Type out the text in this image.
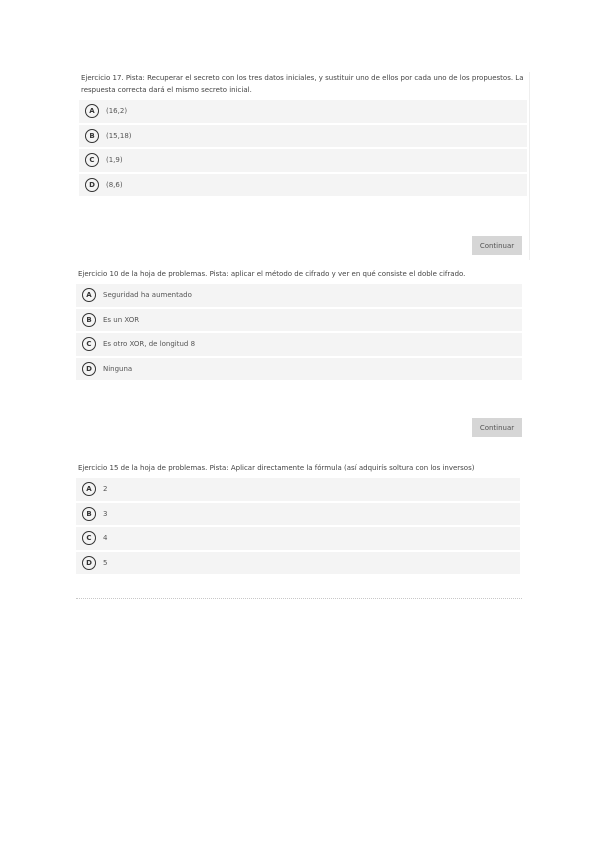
Ejercicio 17. Pista: Recuperar el secreto con los tres datos iniciales, y sustituir uno de ellos por cada uno de los propuestos. La respuesta correcta dará el mismo secreto inicial.
A	(16,2)
B	(15,18)
C	(1,9)
D	(8,6)
Continuar
Ejercicio 10 de la hoja de problemas. Pista: aplicar el método de cifrado y ver en qué consiste el doble cifrado.
A	Seguridad ha aumentado
B	Es un XOR
C	Es otro XOR, de longitud 8
D	Ninguna
Continuar
Ejercicio 15 de la hoja de problemas. Pista: Aplicar directamente la fórmula (así adquirís soltura con los inversos)
A	2
B	3
C	4
D	5
